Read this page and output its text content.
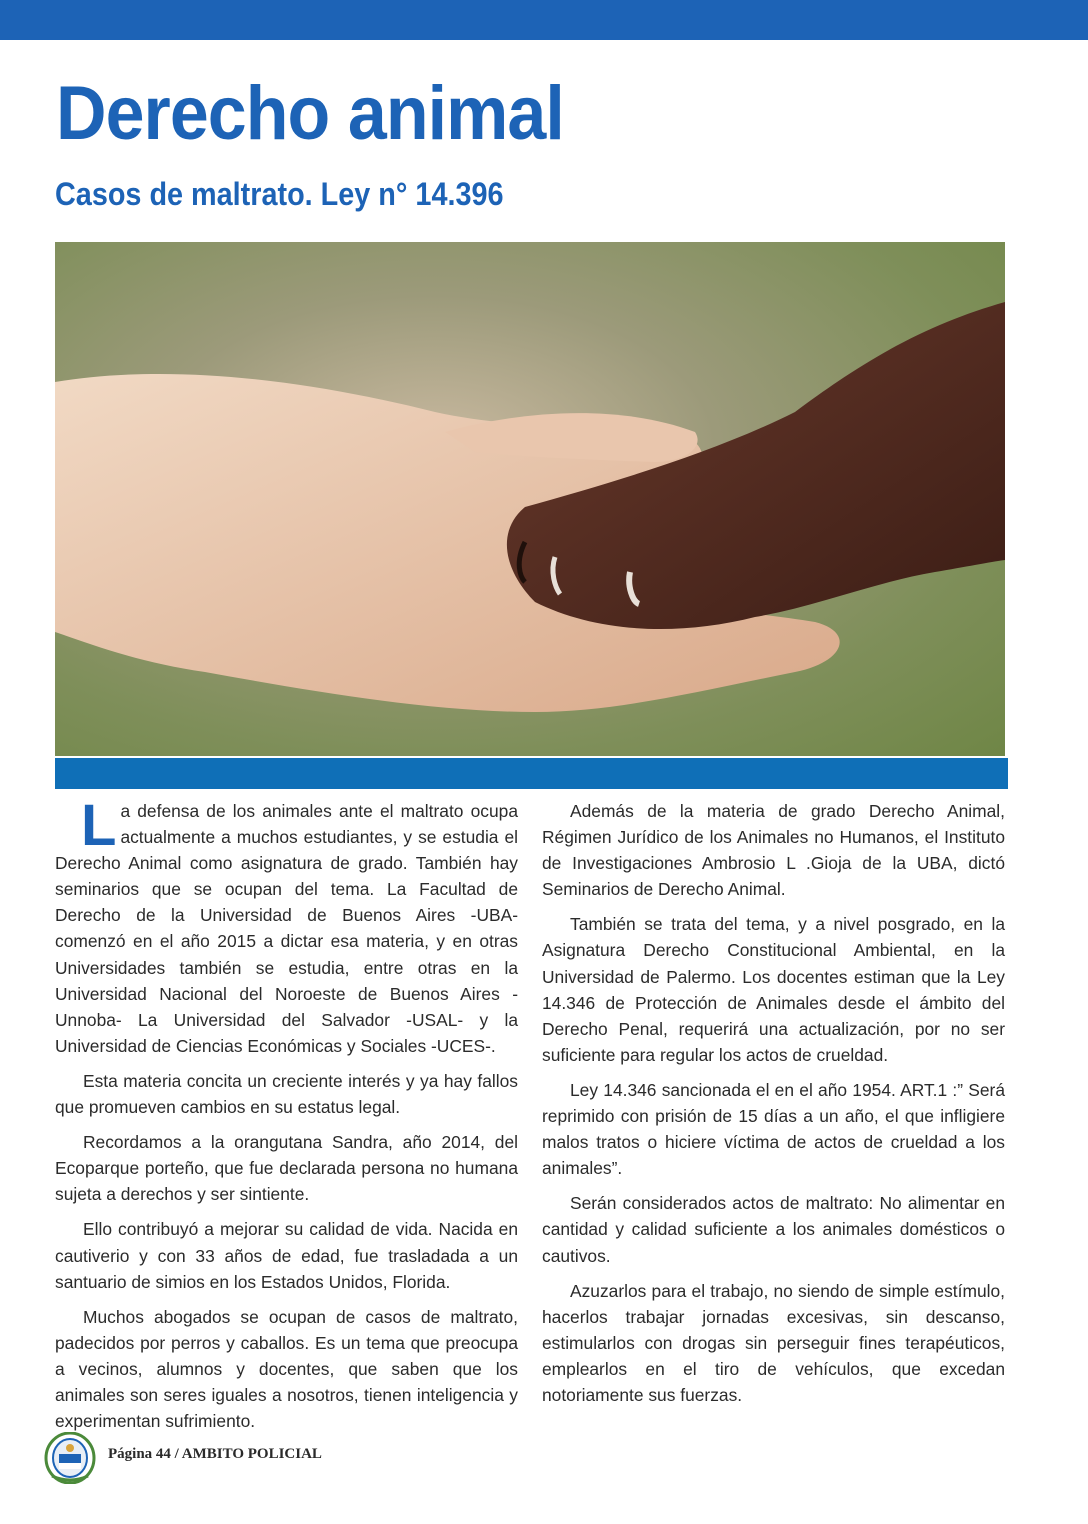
Derecho animal
Casos de maltrato. Ley n° 14.396

La defensa de los animales ante el maltrato ocupa actualmente a muchos estudiantes, y se estudia el Derecho Animal como asignatura de grado. También hay seminarios que se ocupan del tema. La Facultad de Derecho de la Universidad de Buenos Aires -UBA- comenzó en el año 2015 a dictar esa materia, y en otras Universidades también se estudia, entre otras en la Universidad Nacional del Noroeste de Buenos Aires -Unnoba- La Universidad del Salvador -USAL- y la Universidad de Ciencias Económicas y Sociales -UCES-.

Esta materia concita un creciente interés y ya hay fallos que promueven cambios en su estatus legal.

Recordamos a la orangutana Sandra, año 2014, del Ecoparque porteño, que fue declarada persona no humana sujeta a derechos y ser sintiente.

Ello contribuyó a mejorar su calidad de vida. Nacida en cautiverio y con 33 años de edad, fue trasladada a un santuario de simios en los Estados Unidos, Florida.

Muchos abogados se ocupan de casos de maltrato, padecidos por perros y caballos. Es un tema que preocupa a vecinos, alumnos y docentes, que saben que los animales son seres iguales a nosotros, tienen inteligencia y experimentan sufrimiento.

Además de la materia de grado Derecho Animal, Régimen Jurídico de los Animales no Humanos, el Instituto de Investigaciones Ambrosio L .Gioja de la UBA, dictó Seminarios de Derecho Animal.

También se trata del tema, y a nivel posgrado, en la Asignatura Derecho Constitucional Ambiental, en la Universidad de Palermo. Los docentes estiman que la Ley 14.346 de Protección de Animales desde el ámbito del Derecho Penal, requerirá una actualización, por no ser suficiente para regular los actos de crueldad.

Ley 14.346 sancionada el en el año 1954. ART.1 :” Será reprimido con prisión de 15 días a un año, el que infligiere malos tratos o hiciere víctima de actos de crueldad a los animales”.

Serán considerados actos de maltrato: No alimentar en cantidad y calidad suficiente a los animales domésticos o cautivos.

Azuzarlos para el trabajo, no siendo de simple estímulo, hacerlos trabajar jornadas excesivas, sin descanso, estimularlos con drogas sin perseguir fines terapéuticos, emplearlos en el tiro de vehículos, que excedan notoriamente sus fuerzas.

Página 44 / AMBITO POLICIAL
